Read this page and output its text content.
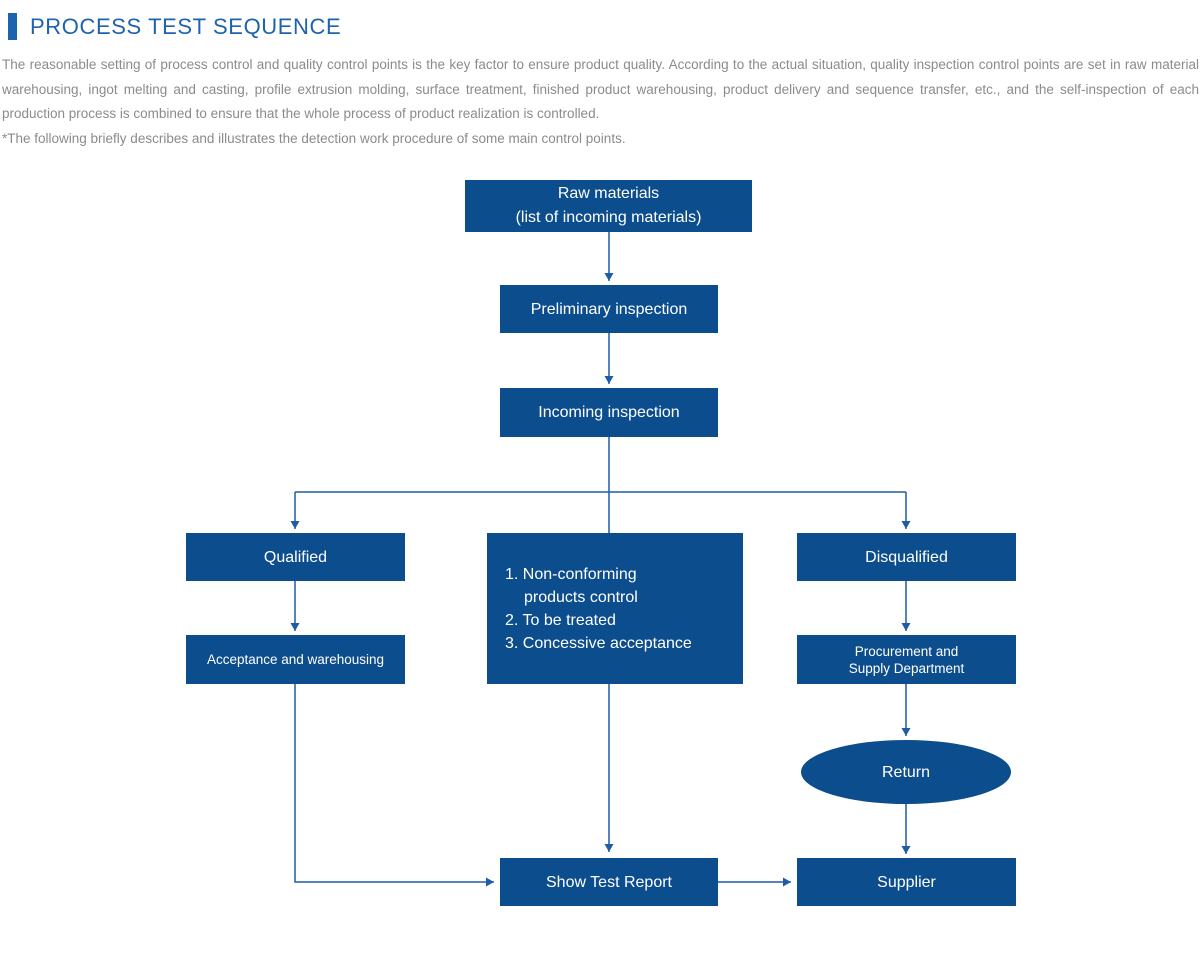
PROCESS TEST SEQUENCE

The reasonable setting of process control and quality control points is the key factor to ensure product quality. According to the actual situation, quality inspection control points are set in raw material warehousing, ingot melting and casting, profile extrusion molding, surface treatment, finished product warehousing, product delivery and sequence transfer, etc., and the self-inspection of each production process is combined to ensure that the whole process of product realization is controlled.

*The following briefly describes and illustrates the detection work procedure of some main control points.

Raw materials
(list of incoming materials)
Preliminary inspection
Incoming inspection
Qualified
1. Non-conforming
products control
2. To be treated
3. Concessive acceptance
Disqualified
Acceptance and warehousing
Procurement and
Supply Department
Return
Show Test Report	Supplier
